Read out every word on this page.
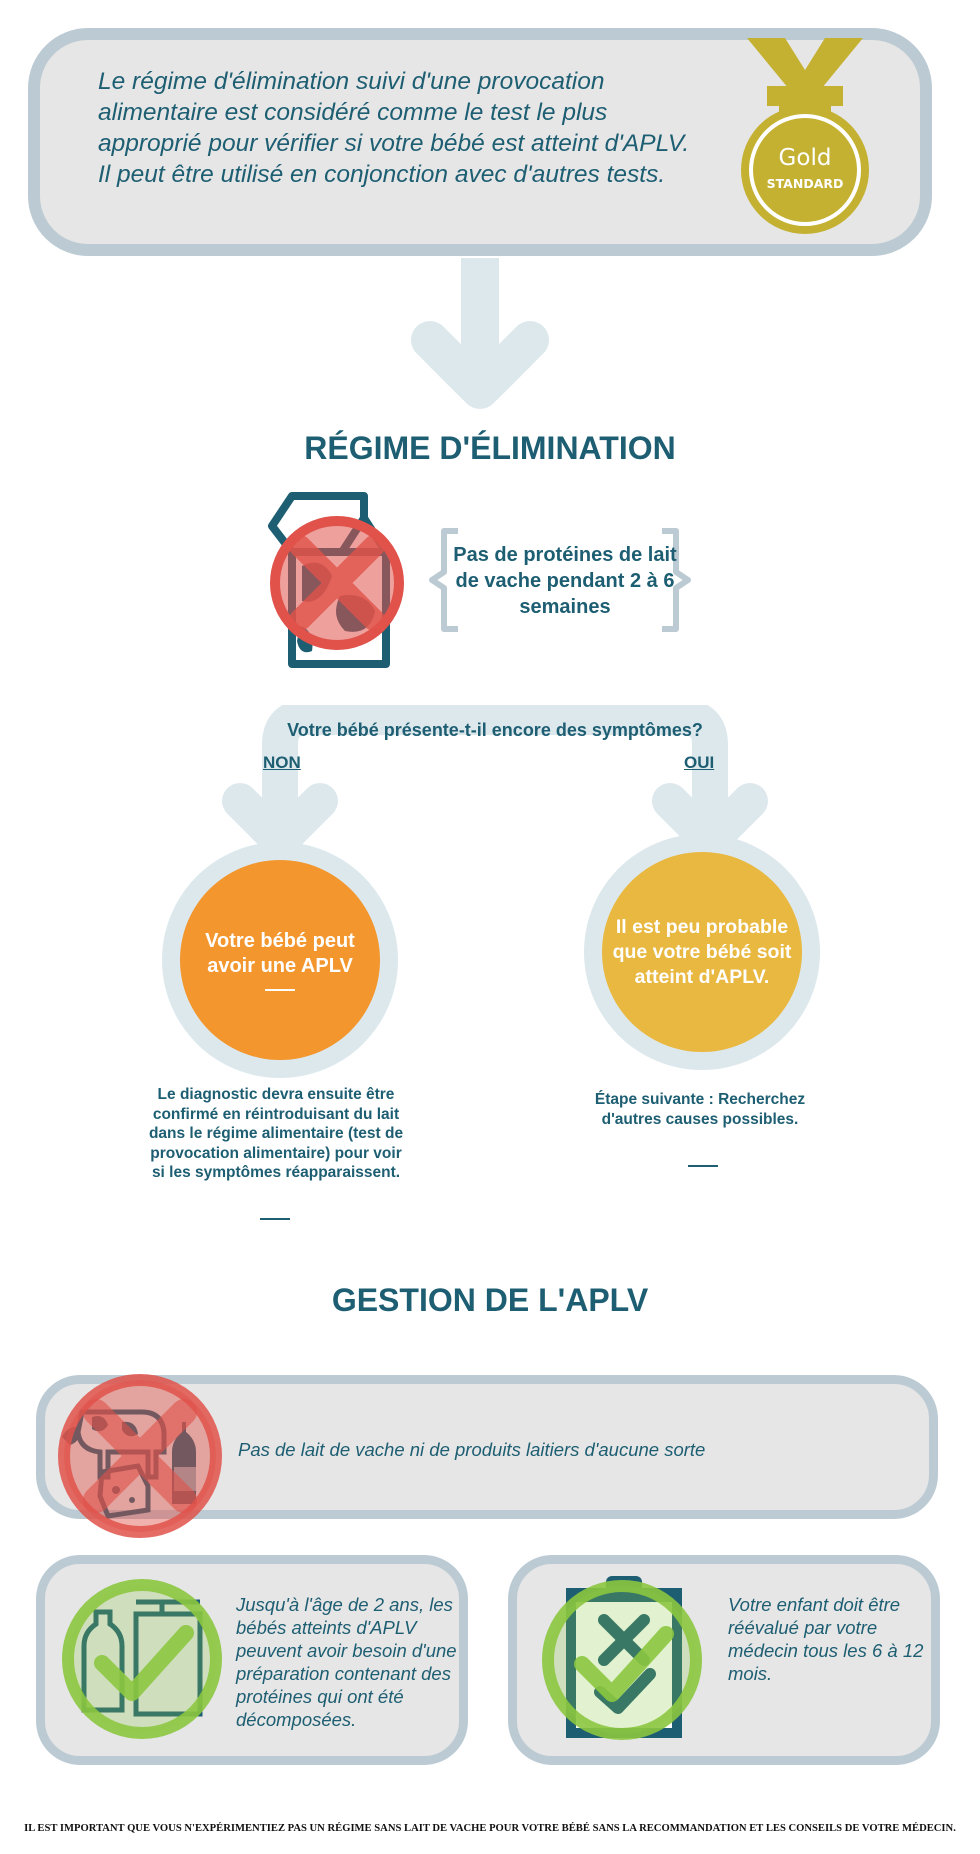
Le régime d'élimination suivi d'une provocation alimentaire est considéré comme le test le plus approprié pour vérifier si votre bébé est atteint d'APLV. Il peut être utilisé en conjonction avec d'autres tests.
Gold
STANDARD
RÉGIME D'ÉLIMINATION
Pas de protéines de lait de vache pendant 2 à 6 semaines
Votre bébé présente-t-il encore des symptômes?
NON	OUI
Votre bébé peut avoir une APLV
Il est peu probable que votre bébé soit atteint d'APLV.
Le diagnostic devra ensuite être confirmé en réintroduisant du lait dans le régime alimentaire (test de provocation alimentaire) pour voir si les symptômes réapparaissent.
Étape suivante : Recherchez d'autres causes possibles.
GESTION DE L'APLV
Pas de lait de vache ni de produits laitiers d'aucune sorte
Jusqu'à l'âge de 2 ans, les bébés atteints d'APLV peuvent avoir besoin d'une préparation contenant des protéines qui ont été décomposées.
Votre enfant doit être réévalué par votre médecin tous les 6 à 12 mois.
IL EST IMPORTANT QUE VOUS N'EXPÉRIMENTIEZ PAS UN RÉGIME SANS LAIT DE VACHE POUR VOTRE BÉBÉ SANS LA RECOMMANDATION ET LES CONSEILS DE VOTRE MÉDECIN.
